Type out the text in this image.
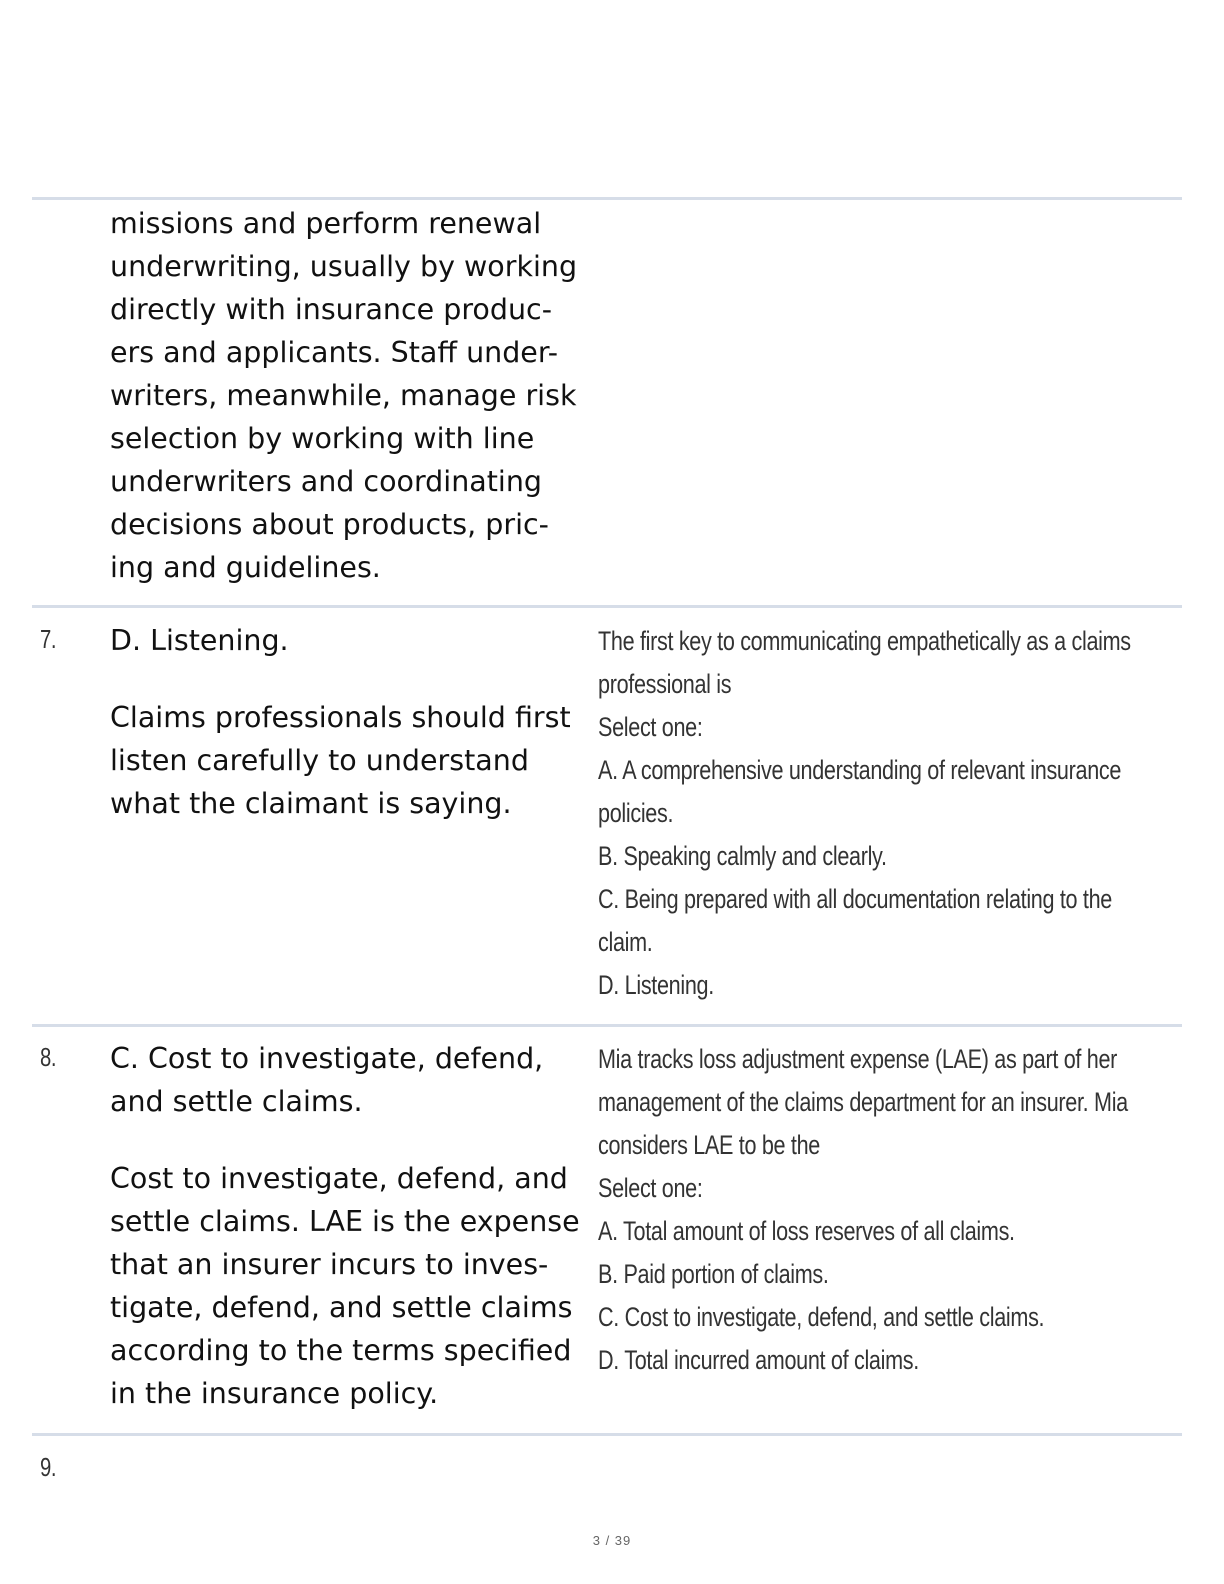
missions and perform renewal

underwriting, usually by working

directly with insurance produc-

ers and applicants. Staff under-

writers, meanwhile, manage risk

selection by working with line

underwriters and coordinating

decisions about products, pric-

ing and guidelines.

7. D. Listening.

Claims professionals should first

listen carefully to understand

what the claimant is saying.

The first key to communicating empathetically as a claims

professional is

Select one:

A. A comprehensive understanding of relevant insurance

policies.

B. Speaking calmly and clearly.

C. Being prepared with all documentation relating to the

claim.

D. Listening.

8. C. Cost to investigate, defend,

and settle claims.

Cost to investigate, defend, and

settle claims. LAE is the expense

that an insurer incurs to inves-

tigate, defend, and settle claims

according to the terms specified

in the insurance policy.

Mia tracks loss adjustment expense (LAE) as part of her

management of the claims department for an insurer. Mia

considers LAE to be the

Select one:

A. Total amount of loss reserves of all claims.

B. Paid portion of claims.

C. Cost to investigate, defend, and settle claims.

D. Total incurred amount of claims.

9.
3 / 39
